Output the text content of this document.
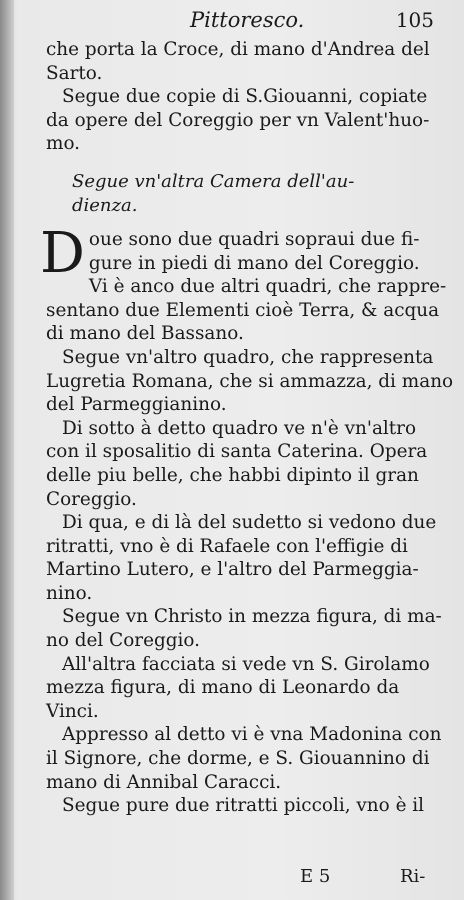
Pittoresco.	105

che porta la Croce, di mano d'Andrea del
Sarto.

Segue due copie di S.Giouanni, copiate
da opere del Coreggio per vn Valent'huo-
mo.

Segue vn'altra Camera dell'au-
dienza.
D oue sono due quadri sopraui due fi-
gure in piedi di mano del Coreggio.
Vi è anco due altri quadri, che rappre-
sentano due Elementi cioè Terra, & acqua
di mano del Bassano.

Segue vn'altro quadro, che rappresenta
Lugretia Romana, che si ammazza, di mano
del Parmeggianino.

Di sotto à detto quadro ve n'è vn'altro
con il sposalitio di santa Caterina. Opera
delle piu belle, che habbi dipinto il gran
Coreggio.

Di qua, e di là del sudetto si vedono due
ritratti, vno è di Rafaele con l'effigie di
Martino Lutero, e l'altro del Parmeggia-
nino.

Segue vn Christo in mezza figura, di ma-
no del Coreggio.

All'altra facciata si vede vn S. Girolamo
mezza figura, di mano di Leonardo da
Vinci.

Appresso al detto vi è vna Madonina con
il Signore, che dorme, e S. Giouannino di
mano di Annibal Caracci.

Segue pure due ritratti piccoli, vno è il

E 5	Ri-
